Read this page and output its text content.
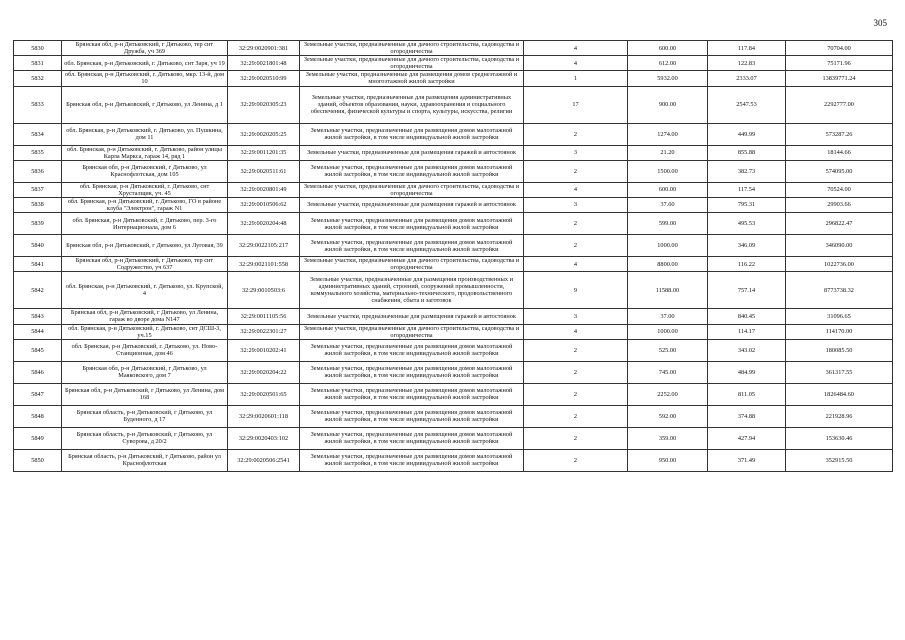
305
5830	Брянская обл, р-н Дятьковский, г Дятьково, тер снт Дружба, уч 369	32:29:0020901:381	Земельные участки, предназначенные для дачного строительства, садоводства и огородничества	4	600.00	117.84	70704.00
5831	обл. Брянская, р-н Дятьковский, г. Дятьково, снт Заря, уч 19	32:29:0021801:48	Земельные участки, предназначенные для дачного строительства, садоводства и огородничества	4	612.00	122.83	75171.96
5832	обл. Брянская, р-н Дятьковский, г. Дятьково, мкр. 13-й, дом 10	32:29:0020510:99	Земельные участки, предназначенные для размещения домов среднеэтажной и многоэтажной жилой застройки	1	5932.00	2333.07	13839771.24
5833	Брянская обл, р-н Дятьковский, г Дятьково, ул Ленина, д 1	32:29:0020305:23	Земельные участки, предназначенные для размещения административных зданий, объектов образования, науки, здравоохранения и социального обеспечения, физической культуры и спорта, культуры, искусства, религии	17	900.00	2547.53	2292777.00
5834	обл. Брянская, р-н Дятьковский, г. Дятьково, ул. Пушкина, дом 11	32:29:0020205:25	Земельные участки, предназначенные для размещения домов малоэтажной жилой застройки, в том числе индивидуальной жилой застройки	2	1274.00	449.99	573287.26
5835	обл. Брянская, р-н Дятьковский, г. Дятьково, район улицы Карла Маркса, гараж 14, ряд 1	32:29:0011201:35	Земельные участки, предназначенные для размещения гаражей и автостоянок	3	21.20	855.88	18144.66
5836	Брянская обл, р-н Дятьковский, г Дятьково, ул Краснофлотская, дом 105	32:29:0020511:61	Земельные участки, предназначенные для размещения домов малоэтажной жилой застройки, в том числе индивидуальной жилой застройки	2	1500.00	382.73	574095.00
5837	обл. Брянская, р-н Дятьковский, г. Дятьково, снт Хрусталщик, уч. 45	32:29:0020801:49	Земельные участки, предназначенные для дачного строительства, садоводства и огородничества	4	600.00	117.54	70524.00
5838	обл. Брянская, р-н Дятьковский, г. Дятьково, ГО в районе клуба "Электрон", гараж N1	32:29:0010506:62	Земельные участки, предназначенные для размещения гаражей и автостоянок	3	37.60	795.31	29903.66
5839	обл. Брянская, р-н Дятьковский, г. Дятьково, пер. 3-го Интернационала, дом 6	32:29:0020204:48	Земельные участки, предназначенные для размещения домов малоэтажной жилой застройки, в том числе индивидуальной жилой застройки	2	599.00	495.53	296822.47
5840	Брянская обл, р-н Дятьковский, г Дятьково, ул Луговая, 39	32:29:0022105:217	Земельные участки, предназначенные для размещения домов малоэтажной жилой застройки, в том числе индивидуальной жилой застройки	2	1000.00	346.09	346090.00
5841	Брянская обл, р-н Дятьковский, г Дятьково, тер снт Содружество, уч 637	32:29:0021101:558	Земельные участки, предназначенные для дачного строительства, садоводства и огородничества	4	8800.00	116.22	1022736.00
5842	обл. Брянская, р-н Дятьковский, г. Дятьково, ул. Крупской, 4	32:29:0010503:6	Земельные участки, предназначенные для размещения производственных и административных зданий, строений, сооружений промышленности, коммунального хозяйства, материально-технического, продовольственного снабжения, сбыта и заготовок	9	11588.00	757.14	8773738.32
5843	Брянская обл, р-н Дятьковский, г Дятьково, ул Ленина, гараж во дворе дома N147	32:29:0011105:56	Земельные участки, предназначенные для размещения гаражей и автостоянок	3	37.00	840.45	31096.65
5844	обл. Брянская, р-н Дятьковский, г. Дятьково, снт ДСШ-3, уч.15	32:29:0022301:27	Земельные участки, предназначенные для дачного строительства, садоводства и огородничества	4	1000.00	114.17	114170.00
5845	обл. Брянская, р-н Дятьковский, г. Дятьково, ул. Ново-Станционная, дом 46	32:29:0010202:41	Земельные участки, предназначенные для размещения домов малоэтажной жилой застройки, в том числе индивидуальной жилой застройки	2	525.00	343.02	180085.50
5846	Брянская обл, р-н Дятьковский, г Дятьково, ул Маяковского, дом 7	32:29:0020204:22	Земельные участки, предназначенные для размещения домов малоэтажной жилой застройки, в том числе индивидуальной жилой застройки	2	745.00	484.99	361317.55
5847	Брянская обл, р-н Дятьковский, г Дятьково, ул Ленина, дом 168	32:29:0020501:65	Земельные участки, предназначенные для размещения домов малоэтажной жилой застройки, в том числе индивидуальной жилой застройки	2	2252.00	811.05	1826484.60
5848	Брянская область, р-н Дятьковский, г Дятьково, ул Буденного, д 17	32:29:0020601:118	Земельные участки, предназначенные для размещения домов малоэтажной жилой застройки, в том числе индивидуальной жилой застройки	2	592.00	374.88	221928.96
5849	Брянская область, р-н Дятьковский, г Дятьково, ул Суворова, д 20/2	32:29:0020403:102	Земельные участки, предназначенные для размещения домов малоэтажной жилой застройки, в том числе индивидуальной жилой застройки	2	359.00	427.94	153630.46
5850	Брянская область, р-н Дятьковский, г Дятьково, район ул Краснофлотская	32:29:0020506:2541	Земельные участки, предназначенные для размещения домов малоэтажной жилой застройки, в том числе индивидуальной жилой застройки	2	950.00	371.49	352915.50
